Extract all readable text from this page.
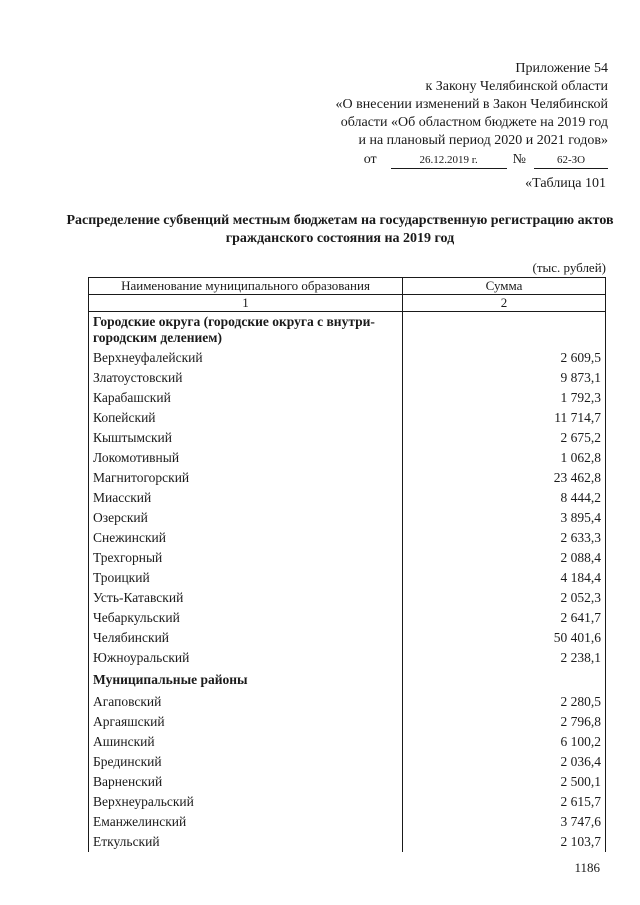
Приложение 54
к Закону Челябинской области
«О внесении изменений в Закон Челябинской
области «Об областном бюджете на 2019 год
и на плановый период 2020 и 2021 годов»
от	26.12.2019 г. №	62-ЗО
«Таблица 101
Распределение субвенций местным бюджетам на государственную регистрацию актов гражданского состояния на 2019 год
(тыс. рублей)
Наименование муниципального образования	Сумма
1	2
Городские округа (городские округа с внутри-городским делением)	
Верхнеуфалейский	2 609,5
Златоустовский	9 873,1
Карабашский	1 792,3
Копейский	11 714,7
Кыштымский	2 675,2
Локомотивный	1 062,8
Магнитогорский	23 462,8
Миасский	8 444,2
Озерский	3 895,4
Снежинский	2 633,3
Трехгорный	2 088,4
Троицкий	4 184,4
Усть-Катавский	2 052,3
Чебаркульский	2 641,7
Челябинский	50 401,6
Южноуральский	2 238,1
Муниципальные районы	
Агаповский	2 280,5
Аргаяшский	2 796,8
Ашинский	6 100,2
Брединский	2 036,4
Варненский	2 500,1
Верхнеуральский	2 615,7
Еманжелинский	3 747,6
Еткульский	2 103,7
1186
